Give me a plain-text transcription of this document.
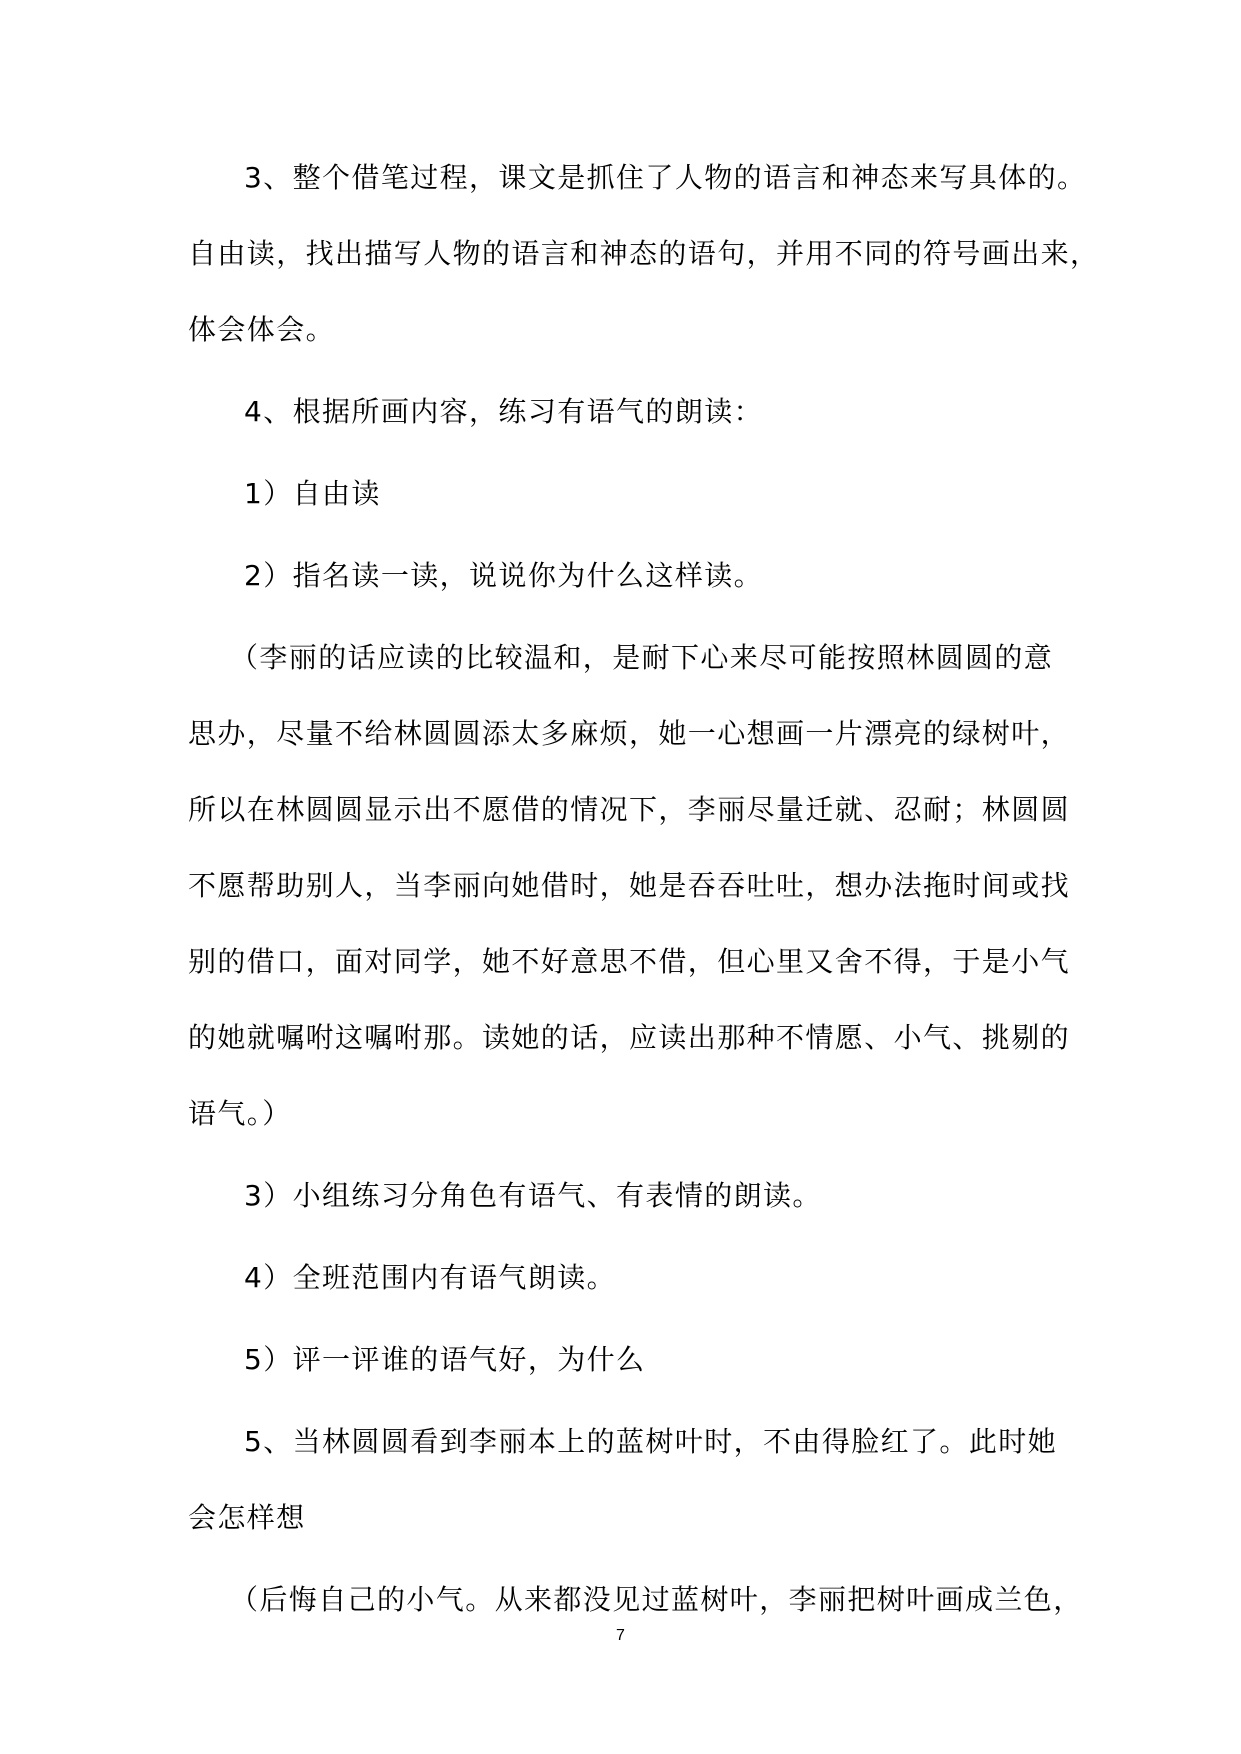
3、整个借笔过程，课文是抓住了人物的语言和神态来写具体的。
自由读，找出描写人物的语言和神态的语句，并用不同的符号画出来，
体会体会。

4、根据所画内容，练习有语气的朗读：

1）自由读

2）指名读一读，说说你为什么这样读。

（李丽的话应读的比较温和，是耐下心来尽可能按照林圆圆的意
思办，尽量不给林圆圆添太多麻烦，她一心想画一片漂亮的绿树叶，
所以在林圆圆显示出不愿借的情况下，李丽尽量迁就、忍耐；林圆圆
不愿帮助别人，当李丽向她借时，她是吞吞吐吐，想办法拖时间或找
别的借口，面对同学，她不好意思不借，但心里又舍不得，于是小气
的她就嘱咐这嘱咐那。读她的话，应读出那种不情愿、小气、挑剔的
语气。）

3）小组练习分角色有语气、有表情的朗读。

4）全班范围内有语气朗读。

5）评一评谁的语气好，为什么

5、当林圆圆看到李丽本上的蓝树叶时，不由得脸红了。此时她
会怎样想

（后悔自己的小气。从来都没见过蓝树叶，李丽把树叶画成兰色，

7
